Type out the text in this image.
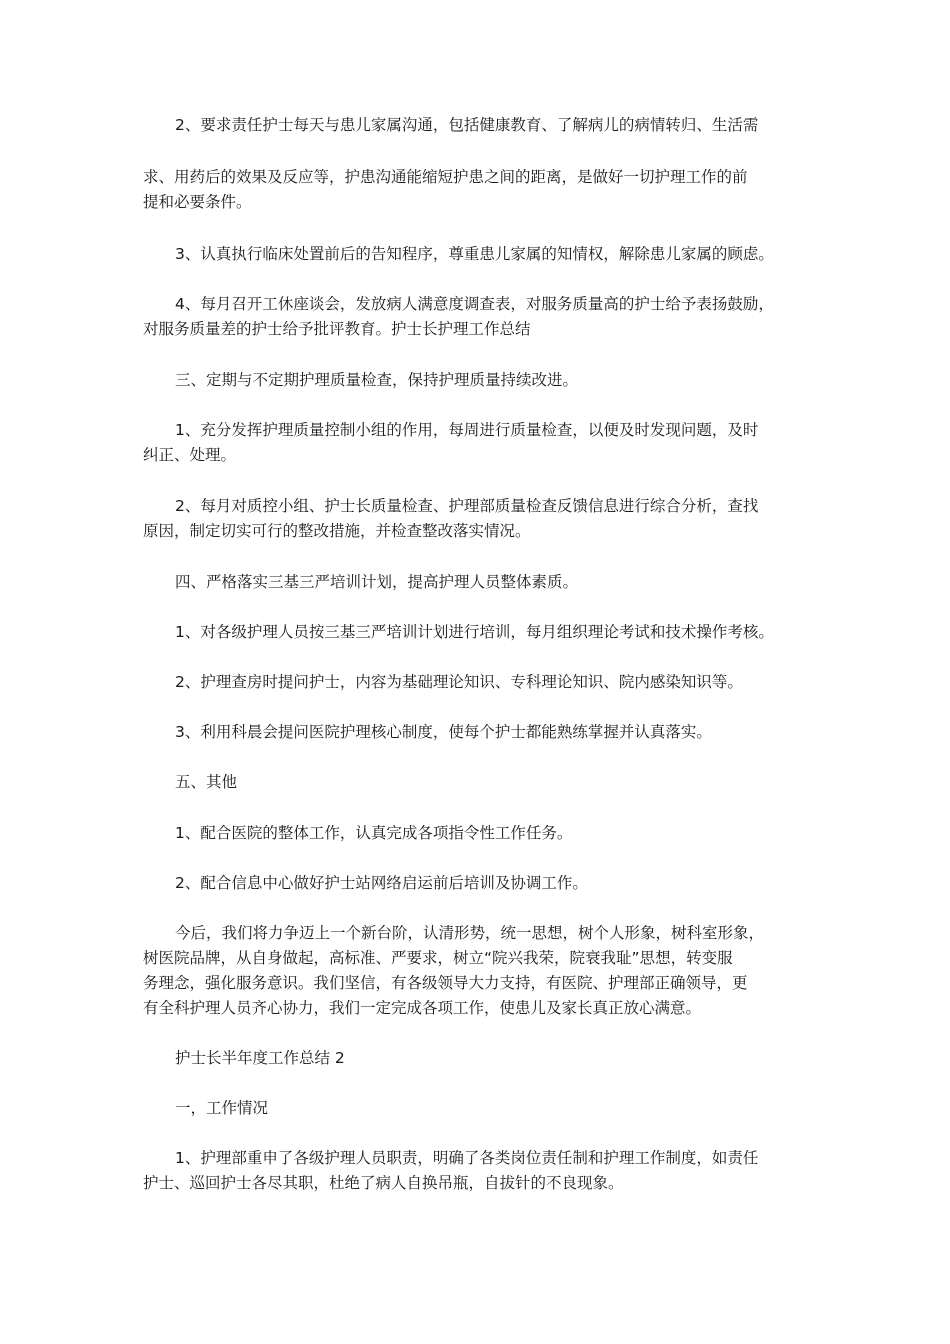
2、要求责任护士每天与患儿家属沟通，包括健康教育、了解病儿的病情转归、生活需

求、用药后的效果及反应等，护患沟通能缩短护患之间的距离，是做好一切护理工作的前
提和必要条件。

3、认真执行临床处置前后的告知程序，尊重患儿家属的知情权，解除患儿家属的顾虑。

4、每月召开工休座谈会，发放病人满意度调查表，对服务质量高的护士给予表扬鼓励，
对服务质量差的护士给予批评教育。护士长护理工作总结

三、定期与不定期护理质量检查，保持护理质量持续改进。

1、充分发挥护理质量控制小组的作用，每周进行质量检查，以便及时发现问题，及时
纠正、处理。

2、每月对质控小组、护士长质量检查、护理部质量检查反馈信息进行综合分析，查找
原因，制定切实可行的整改措施，并检查整改落实情况。

四、严格落实三基三严培训计划，提高护理人员整体素质。

1、对各级护理人员按三基三严培训计划进行培训，每月组织理论考试和技术操作考核。

2、护理查房时提问护士，内容为基础理论知识、专科理论知识、院内感染知识等。

3、利用科晨会提问医院护理核心制度，使每个护士都能熟练掌握并认真落实。

五、其他

1、配合医院的整体工作，认真完成各项指令性工作任务。

2、配合信息中心做好护士站网络启运前后培训及协调工作。

今后，我们将力争迈上一个新台阶，认清形势，统一思想，树个人形象，树科室形象，
树医院品牌，从自身做起，高标准、严要求，树立“院兴我荣，院衰我耻”思想，转变服
务理念，强化服务意识。我们坚信，有各级领导大力支持，有医院、护理部正确领导，更
有全科护理人员齐心协力，我们一定完成各项工作，使患儿及家长真正放心满意。

护士长半年度工作总结 2

一，工作情况

1、护理部重申了各级护理人员职责，明确了各类岗位责任制和护理工作制度，如责任
护士、巡回护士各尽其职，杜绝了病人自换吊瓶，自拔针的不良现象。
